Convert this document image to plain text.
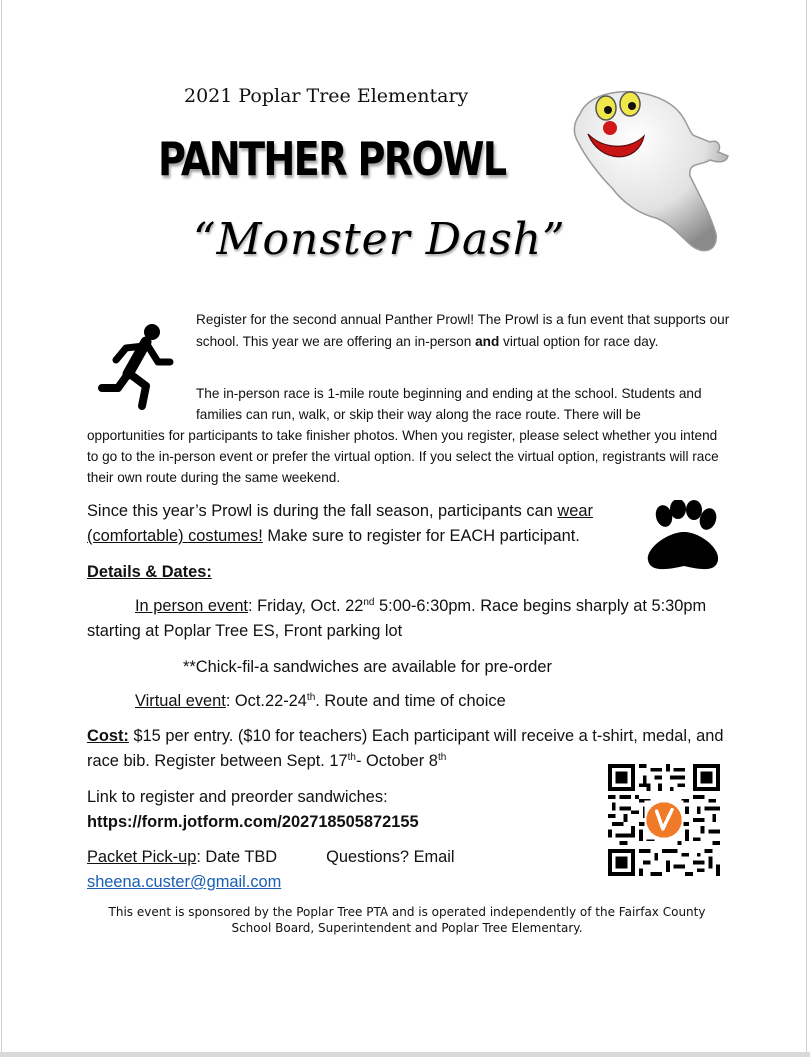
2021 Poplar Tree Elementary
PANTHER PROWL
“Monster Dash”
Register for the second annual Panther Prowl! The Prowl is a fun event that supports our school. This year we are offering an in-person and virtual option for race day.
The in-person race is 1-mile route beginning and ending at the school. Students and families can run, walk, or skip their way along the race route. There will be
opportunities for participants to take finisher photos. When you register, please select whether you intend to go to the in-person event or prefer the virtual option. If you select the virtual option, registrants will race their own route during the same weekend.
Since this year’s Prowl is during the fall season, participants can wear (comfortable) costumes! Make sure to register for EACH participant.
Details & Dates:
In person event: Friday, Oct. 22nd 5:00-6:30pm. Race begins sharply at 5:30pm starting at Poplar Tree ES, Front parking lot
**Chick-fil-a sandwiches are available for pre-order
Virtual event: Oct.22-24th. Route and time of choice
Cost: $15 per entry. ($10 for teachers) Each participant will receive a t-shirt, medal, and race bib. Register between Sept. 17th- October 8th
Link to register and preorder sandwiches:
https://form.jotform.com/202718505872155
Packet Pick-up: Date TBD	Questions? Email
sheena.custer@gmail.com
This event is sponsored by the Poplar Tree PTA and is operated independently of the Fairfax County School Board, Superintendent and Poplar Tree Elementary.
